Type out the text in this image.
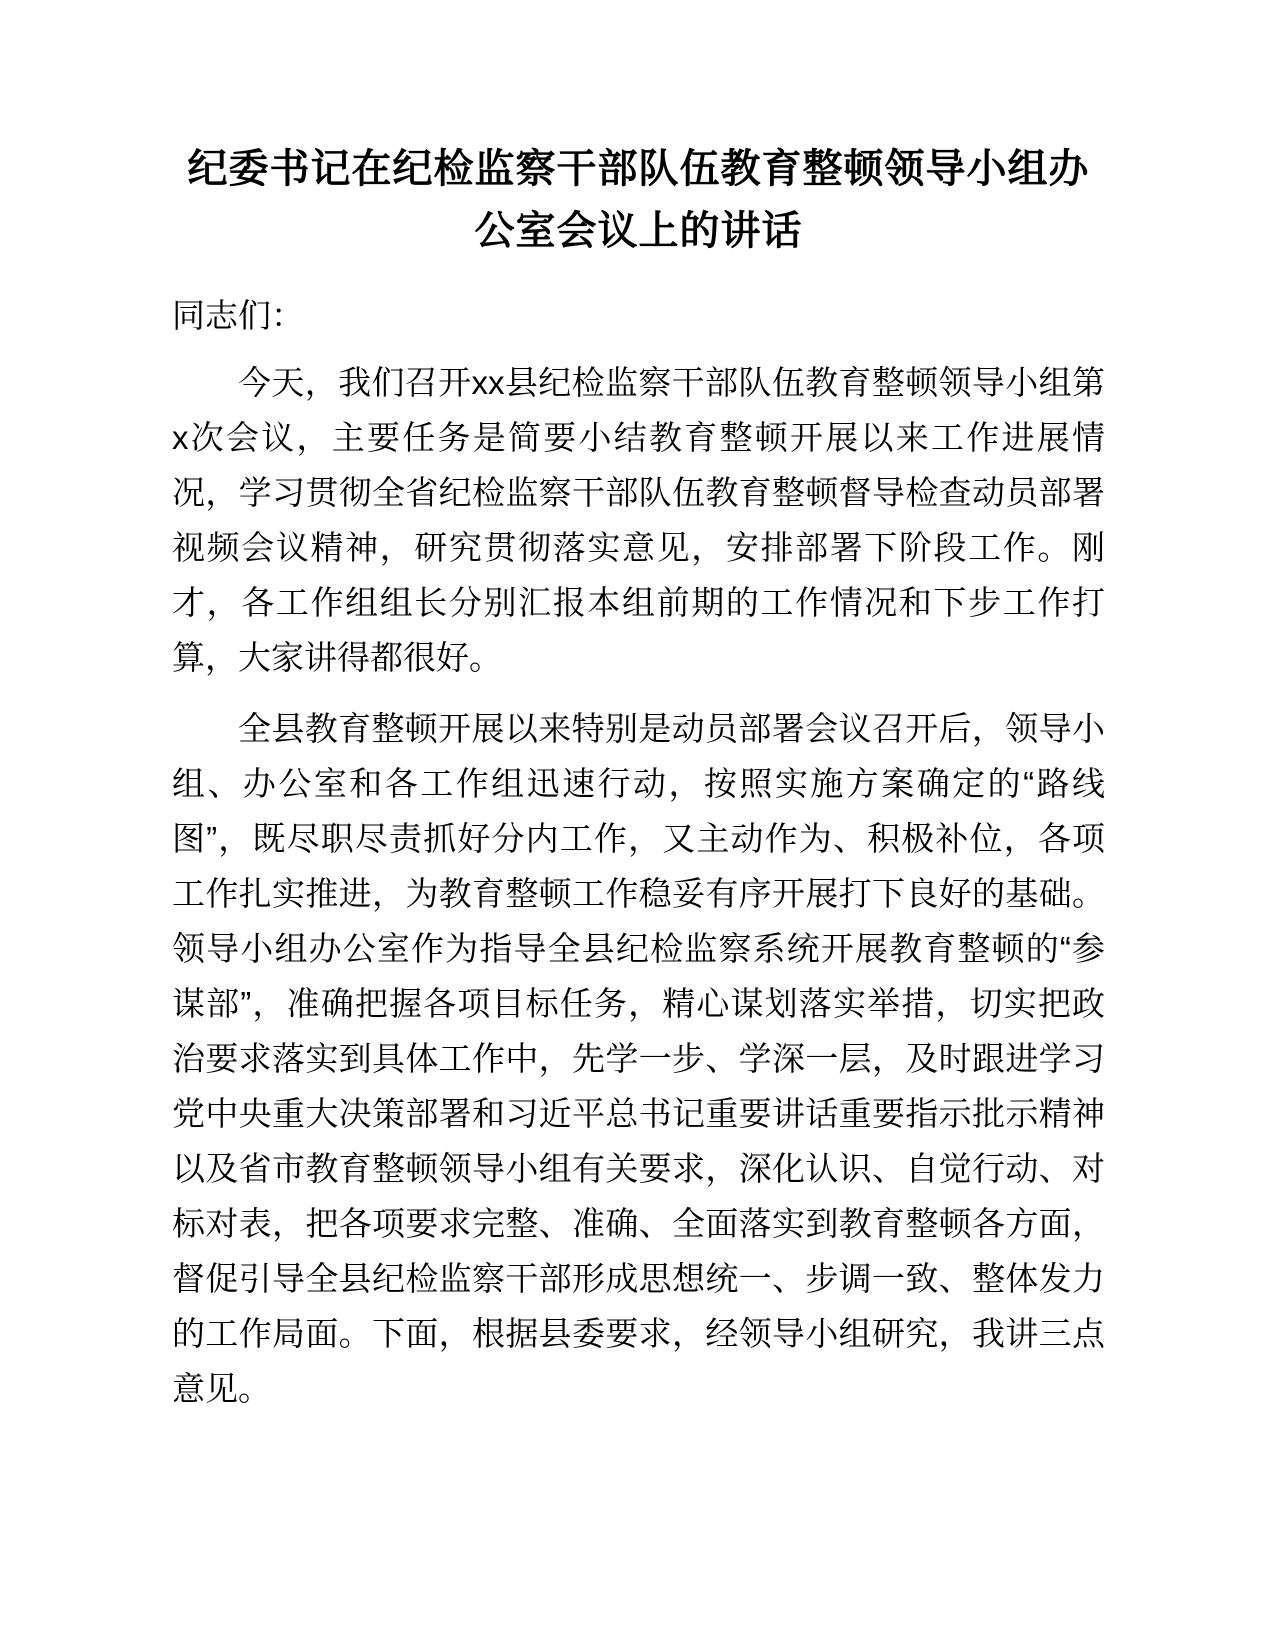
纪委书记在纪检监察干部队伍教育整顿领导小组办公室会议上的讲话

同志们：

今天，我们召开xx县纪检监察干部队伍教育整顿领导小组第x次会议，主要任务是简要小结教育整顿开展以来工作进展情况，学习贯彻全省纪检监察干部队伍教育整顿督导检查动员部署视频会议精神，研究贯彻落实意见，安排部署下阶段工作。刚才，各工作组组长分别汇报本组前期的工作情况和下步工作打算，大家讲得都很好。

全县教育整顿开展以来特别是动员部署会议召开后，领导小组、办公室和各工作组迅速行动，按照实施方案确定的“路线图”，既尽职尽责抓好分内工作，又主动作为、积极补位，各项工作扎实推进，为教育整顿工作稳妥有序开展打下良好的基础。领导小组办公室作为指导全县纪检监察系统开展教育整顿的“参谋部”，准确把握各项目标任务，精心谋划落实举措，切实把政治要求落实到具体工作中，先学一步、学深一层，及时跟进学习党中央重大决策部署和习近平总书记重要讲话重要指示批示精神以及省市教育整顿领导小组有关要求，深化认识、自觉行动、对标对表，把各项要求完整、准确、全面落实到教育整顿各方面，督促引导全县纪检监察干部形成思想统一、步调一致、整体发力的工作局面。下面，根据县委要求，经领导小组研究，我讲三点意见。
